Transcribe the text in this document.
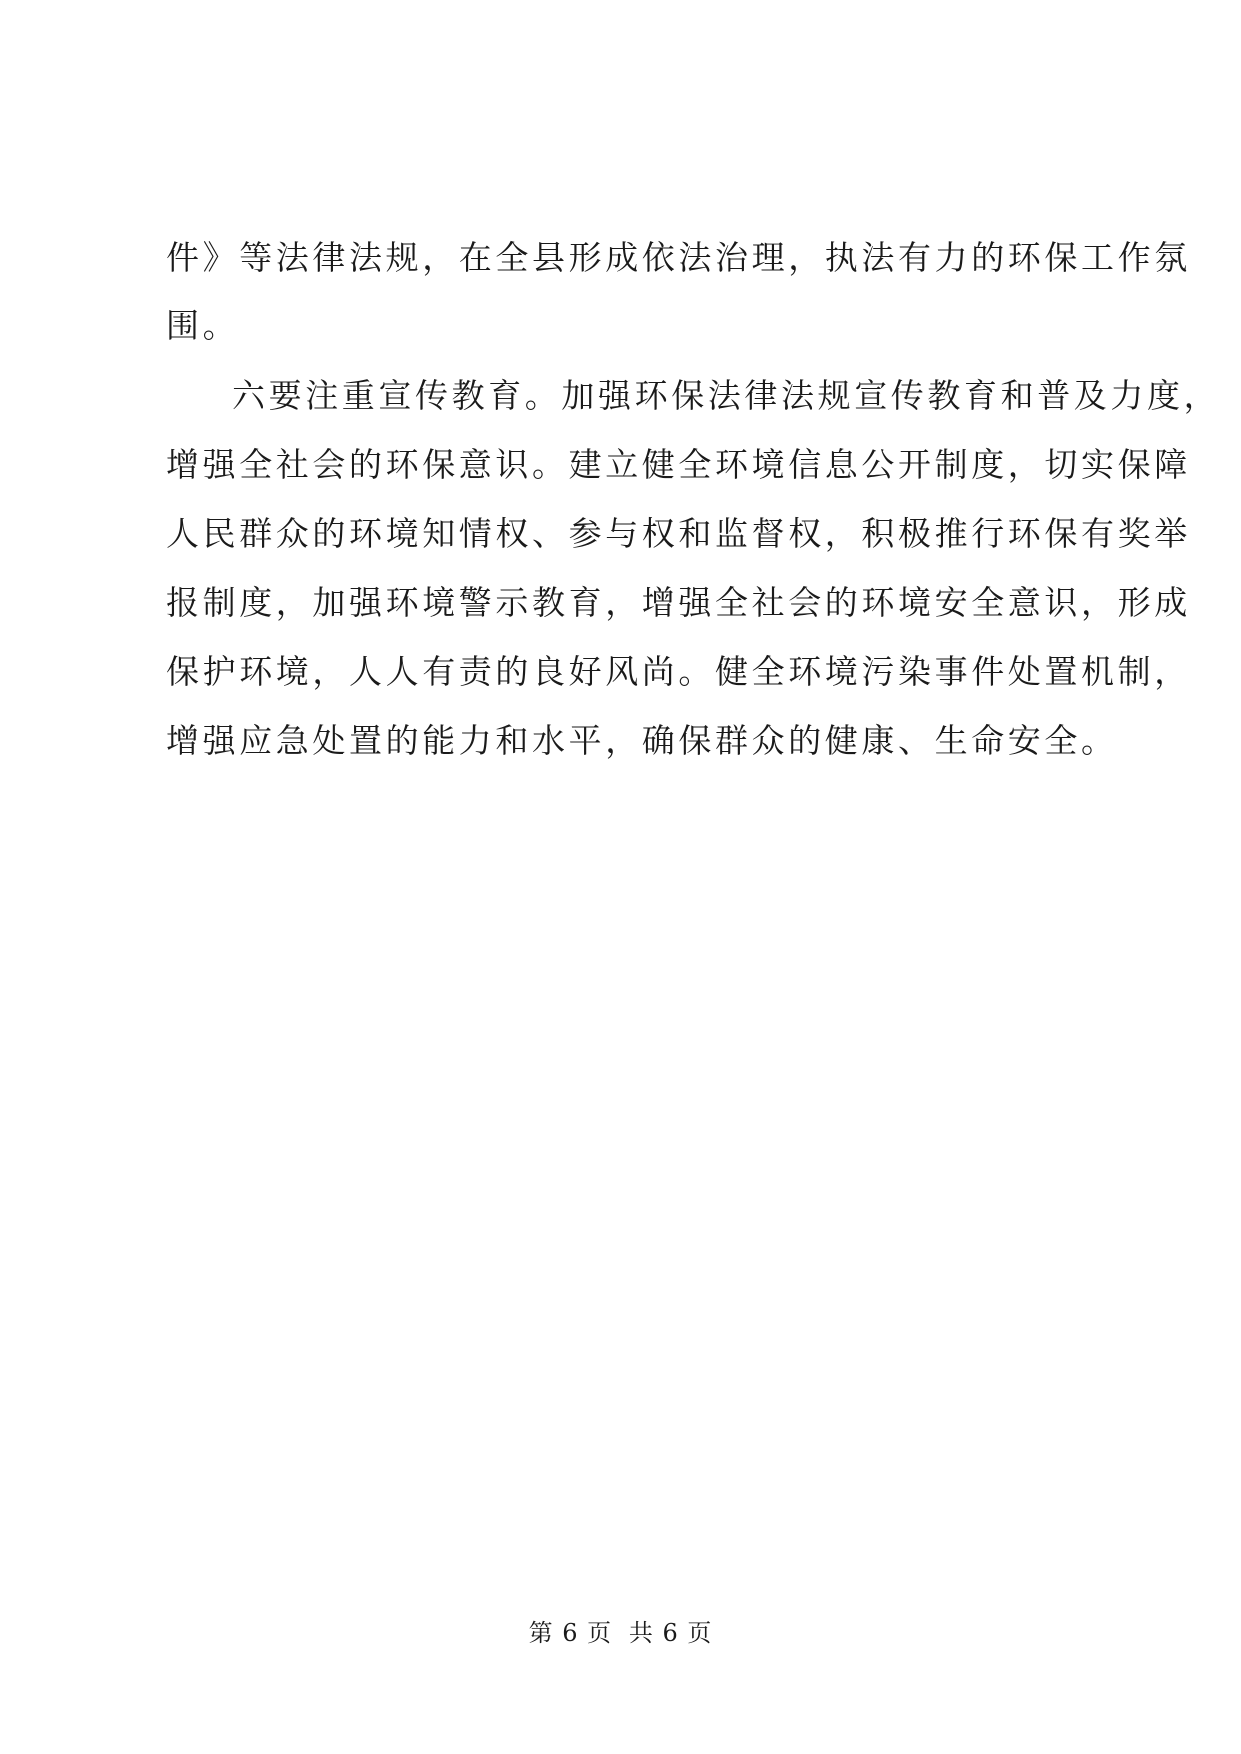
件》等法律法规，在全县形成依法治理，执法有力的环保工作氛
围。
六要注重宣传教育。加强环保法律法规宣传教育和普及力度，
增强全社会的环保意识。建立健全环境信息公开制度，切实保障
人民群众的环境知情权、参与权和监督权，积极推行环保有奖举
报制度，加强环境警示教育，增强全社会的环境安全意识，形成
保护环境，人人有责的良好风尚。健全环境污染事件处置机制，
增强应急处置的能力和水平，确保群众的健康、生命安全。
第 6 页 共 6 页
